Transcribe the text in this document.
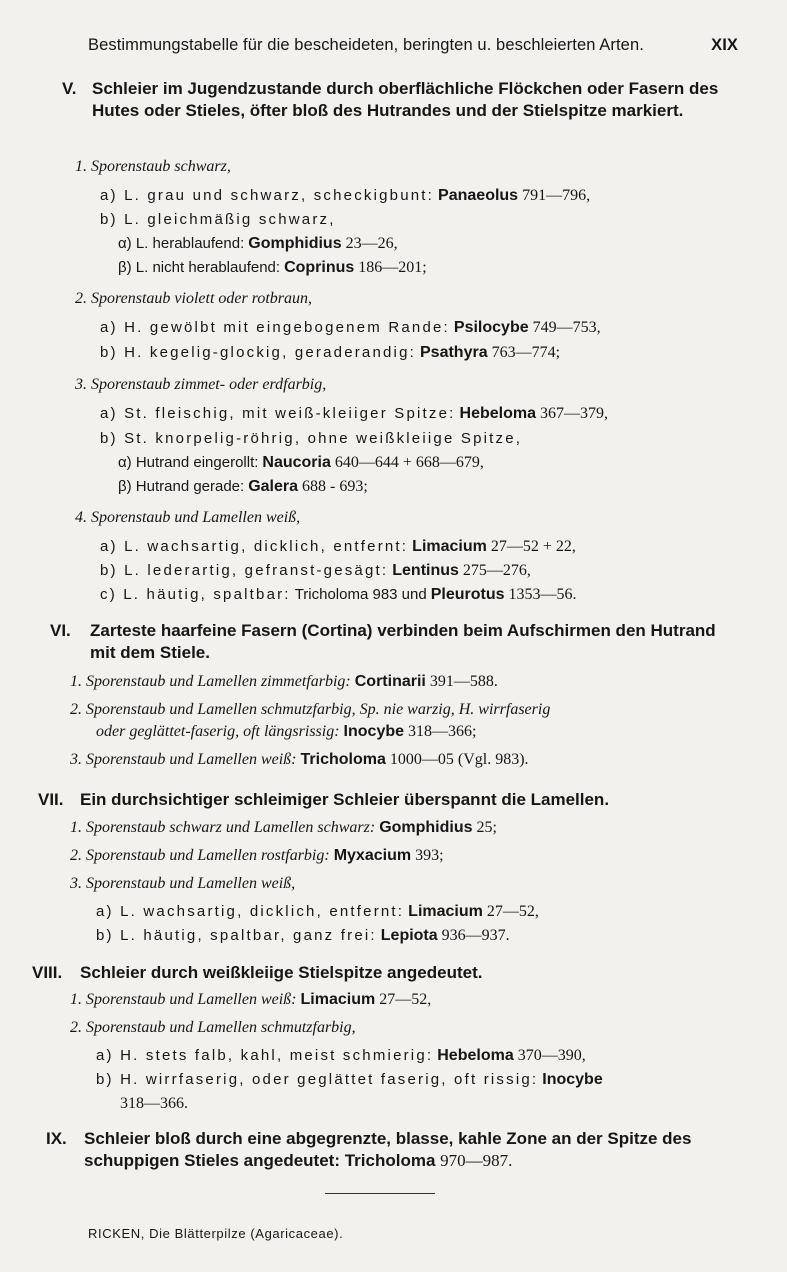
Bestimmungstabelle für die bescheideten, beringten u. beschleierten Arten.	XIX
V. Schleier im Jugendzustande durch oberflächliche Flöckchen oder Fasern des Hutes oder Stieles, öfter bloß des Hutrandes und der Stielspitze markiert.
1. Sporenstaub schwarz,
a) L. grau und schwarz, scheckigbunt: Panaeolus 791—796,
b) L. gleichmäßig schwarz,
α) L. herablaufend: Gomphidius 23—26,
β) L. nicht herablaufend: Coprinus 186—201;
2. Sporenstaub violett oder rotbraun,
a) H. gewölbt mit eingebogenem Rande: Psilocybe 749—753,
b) H. kegelig-glockig, geraderandig: Psathyra 763—774;
3. Sporenstaub zimmet- oder erdfarbig,
a) St. fleischig, mit weiß-kleiiger Spitze: Hebeloma 367—379,
b) St. knorpelig-röhrig, ohne weißkleiige Spitze,
α) Hutrand eingerollt: Naucoria 640—644 + 668—679,
β) Hutrand gerade: Galera 688 - 693;
4. Sporenstaub und Lamellen weiß,
a) L. wachsartig, dicklich, entfernt: Limacium 27—52 + 22,
b) L. lederartig, gefranst-gesägt: Lentinus 275—276,
c) L. häutig, spaltbar: Tricholoma 983 und Pleurotus 1353—56.
VI.	Zarteste haarfeine Fasern (Cortina) verbinden beim Aufschirmen den Hutrand mit dem Stiele.
1. Sporenstaub und Lamellen zimmetfarbig: Cortinarii 391—588.
2. Sporenstaub und Lamellen schmutzfarbig, Sp. nie warzig, H. wirrfaserig
oder geglättet-faserig, oft längsrissig: Inocybe 318—366;
3. Sporenstaub und Lamellen weiß: Tricholoma 1000—05 (Vgl. 983).
VII. Ein durchsichtiger schleimiger Schleier überspannt die Lamellen.
1. Sporenstaub schwarz und Lamellen schwarz: Gomphidius 25;
2. Sporenstaub und Lamellen rostfarbig: Myxacium 393;
3. Sporenstaub und Lamellen weiß,
a) L. wachsartig, dicklich, entfernt: Limacium 27—52,
b) L. häutig, spaltbar, ganz frei: Lepiota 936—937.
VIII.	Schleier durch weißkleiige Stielspitze angedeutet.
1. Sporenstaub und Lamellen weiß: Limacium 27—52,
2. Sporenstaub und Lamellen schmutzfarbig,
a) H. stets falb, kahl, meist schmierig: Hebeloma 370—390,
b) H. wirrfaserig, oder geglättet faserig, oft rissig: Inocybe
318—366.
IX.	Schleier bloß durch eine abgegrenzte, blasse, kahle Zone an der Spitze des schuppigen Stieles angedeutet: Tricholoma 970—987.
RICKEN, Die Blätterpilze (Agaricaceae).
